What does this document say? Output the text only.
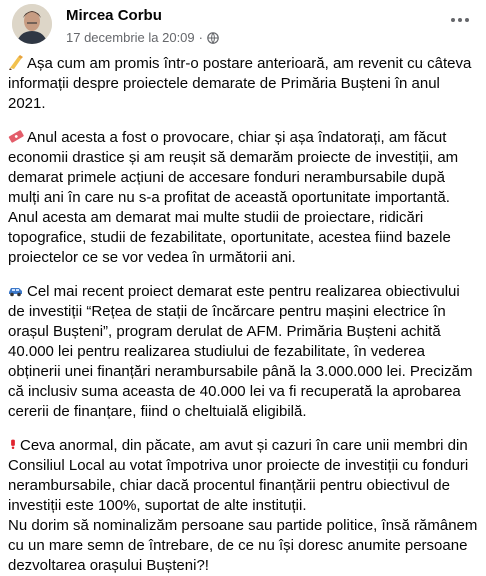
Mircea Corbu
17 decembrie la 20:09 ·

Așa cum am promis într-o postare anterioară, am revenit cu câteva informații despre proiectele demarate de Primăria Bușteni în anul 2021.

Anul acesta a fost o provocare, chiar și așa îndatorați, am făcut economii drastice și am reușit să demarăm proiecte de investiții, am demarat primele acțiuni de accesare fonduri nerambursabile după mulți ani în care nu s-a profitat de această oportunitate importantă. Anul acesta am demarat mai multe studii de proiectare, ridicări topografice, studii de fezabilitate, oportunitate, acestea fiind bazele proiectelor ce se vor vedea în următorii ani.

Cel mai recent proiect demarat este pentru realizarea obiectivului de investiții “Rețea de stații de încărcare pentru mașini electrice în orașul Bușteni”, program derulat de AFM. Primăria Bușteni achită 40.000 lei pentru realizarea studiului de fezabilitate, în vederea obținerii unei finanțări nerambursabile până la 3.000.000 lei. Precizăm că inclusiv suma aceasta de 40.000 lei va fi recuperată la aprobarea cererii de finanțare, fiind o cheltuială eligibilă.

Ceva anormal, din păcate, am avut și cazuri în care unii membri din Consiliul Local au votat împotriva unor proiecte de investiții cu fonduri nerambursabile, chiar dacă procentul finanțării pentru obiectivul de investiții este 100%, suportat de alte instituții.

Nu dorim să nominalizăm persoane sau partide politice, însă rămânem cu un mare semn de întrebare, de ce nu își doresc anumite persoane dezvoltarea orașului Bușteni?!
